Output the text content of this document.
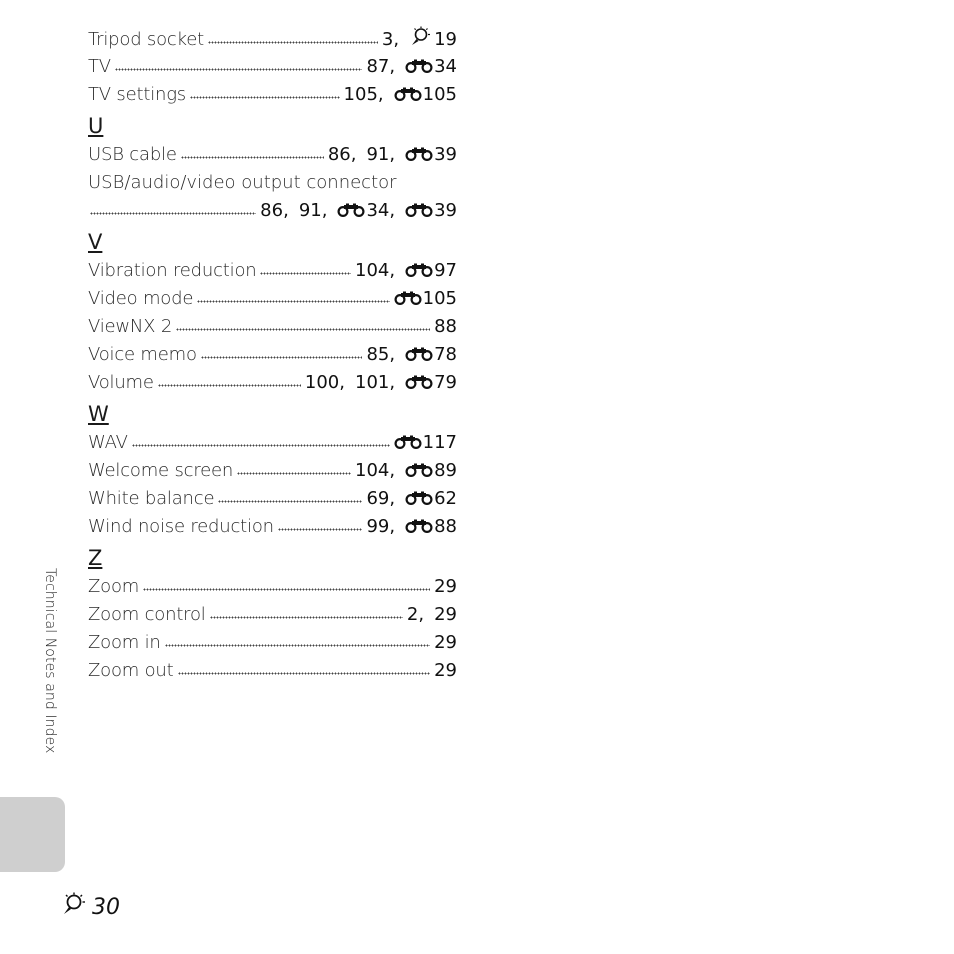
Tripod socket	3 , 19
TV	87 , 34
TV settings	105 , 105
U
USB cable	86 , 91 , 39
USB/audio/video output connector
86 , 91 , 34 , 39
V
Vibration reduction	104 , 97
Video mode	105
ViewNX 2	88
Voice memo	85 , 78
Volume	100 , 101 , 79
W
WAV	117
Welcome screen	104 , 89
White balance	69 , 62
Wind noise reduction	99 , 88
Z
Zoom	29
Zoom control	2 , 29
Zoom in	29
Zoom out	29
Technical Notes and Index
30
